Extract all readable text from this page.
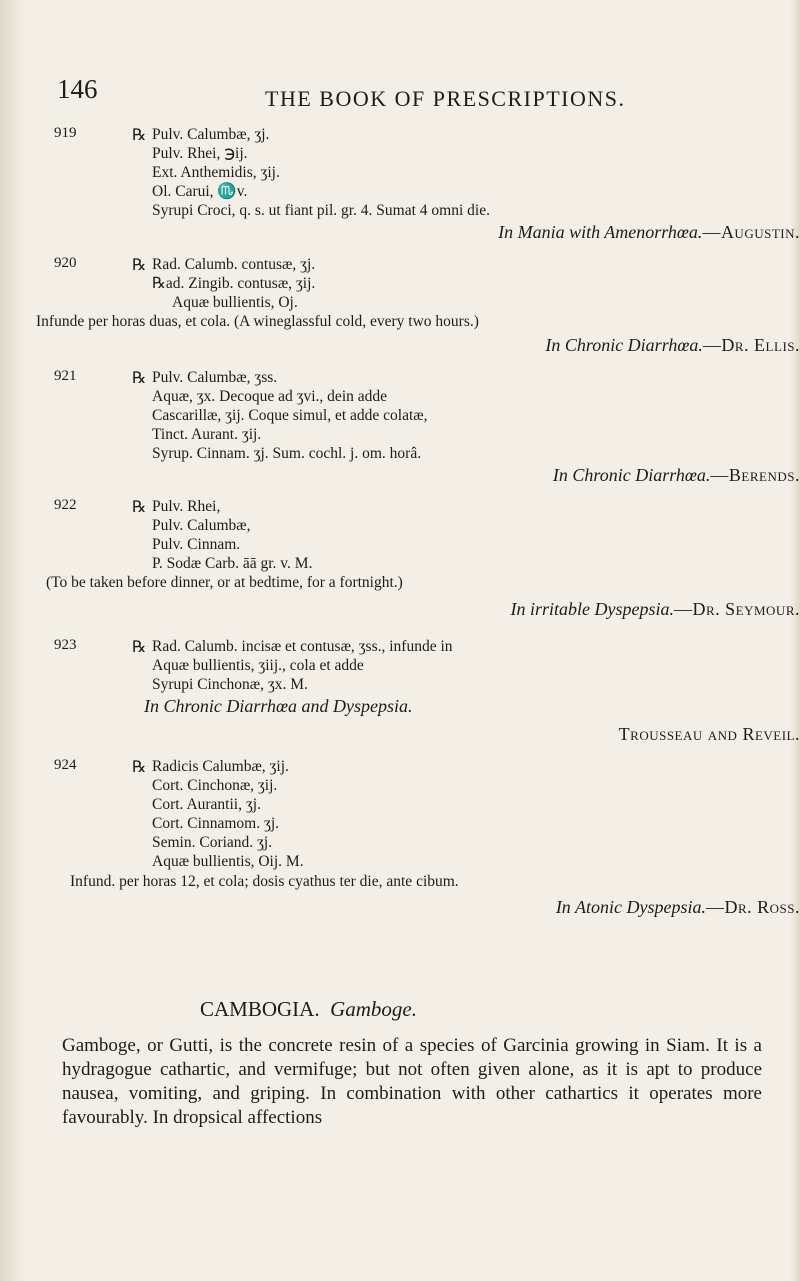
146	THE BOOK OF PRESCRIPTIONS.
919	℞ Pulv. Calumbæ, ʒj.
Pulv. Rhei, ℈ij.
Ext. Anthemidis, ʒij.
Ol. Carui, ♏v.
Syrupi Croci, q. s. ut fiant pil. gr. 4. Sumat 4 omni die.
In Mania with Amenorrhœa.—Augustin.
920	℞ Rad. Calumb. contusæ, ʒj.
℞ad. Zingib. contusæ, ʒij.
Aquæ bullientis, Oj.
Infunde per horas duas, et cola. (A wineglassful cold, every two hours.)
In Chronic Diarrhœa.—Dr. Ellis.
921	℞ Pulv. Calumbæ, ʒss.
Aquæ, ʒx. Decoque ad ʒvi., dein adde
Cascarillæ, ʒij. Coque simul, et adde colatæ,
Tinct. Aurant. ʒij.
Syrup. Cinnam. ʒj. Sum. cochl. j. om. horâ.
In Chronic Diarrhœa.—Berends.
922	℞ Pulv. Rhei,
Pulv. Calumbæ,
Pulv. Cinnam.
P. Sodæ Carb. āā gr. v. M.
(To be taken before dinner, or at bedtime, for a fortnight.)
In irritable Dyspepsia.—Dr. Seymour.
923	℞ Rad. Calumb. incisæ et contusæ, ʒss., infunde in
Aquæ bullientis, ʒiij., cola et adde
Syrupi Cinchonæ, ʒx. M.
In Chronic Diarrhœa and Dyspepsia.
Trousseau and Reveil.
924	℞ Radicis Calumbæ, ʒij.
Cort. Cinchonæ, ʒij.
Cort. Aurantii, ʒj.
Cort. Cinnamom. ʒj.
Semin. Coriand. ʒj.
Aquæ bullientis, Oij. M.
Infund. per horas 12, et cola; dosis cyathus ter die, ante cibum.
In Atonic Dyspepsia.—Dr. Ross.
CAMBOGIA. Gamboge.
Gamboge, or Gutti, is the concrete resin of a species of Garcinia growing in Siam. It is a hydragogue cathartic, and vermifuge; but not often given alone, as it is apt to produce nausea, vomiting, and griping. In combination with other cathartics it operates more favourably. In dropsical affections
